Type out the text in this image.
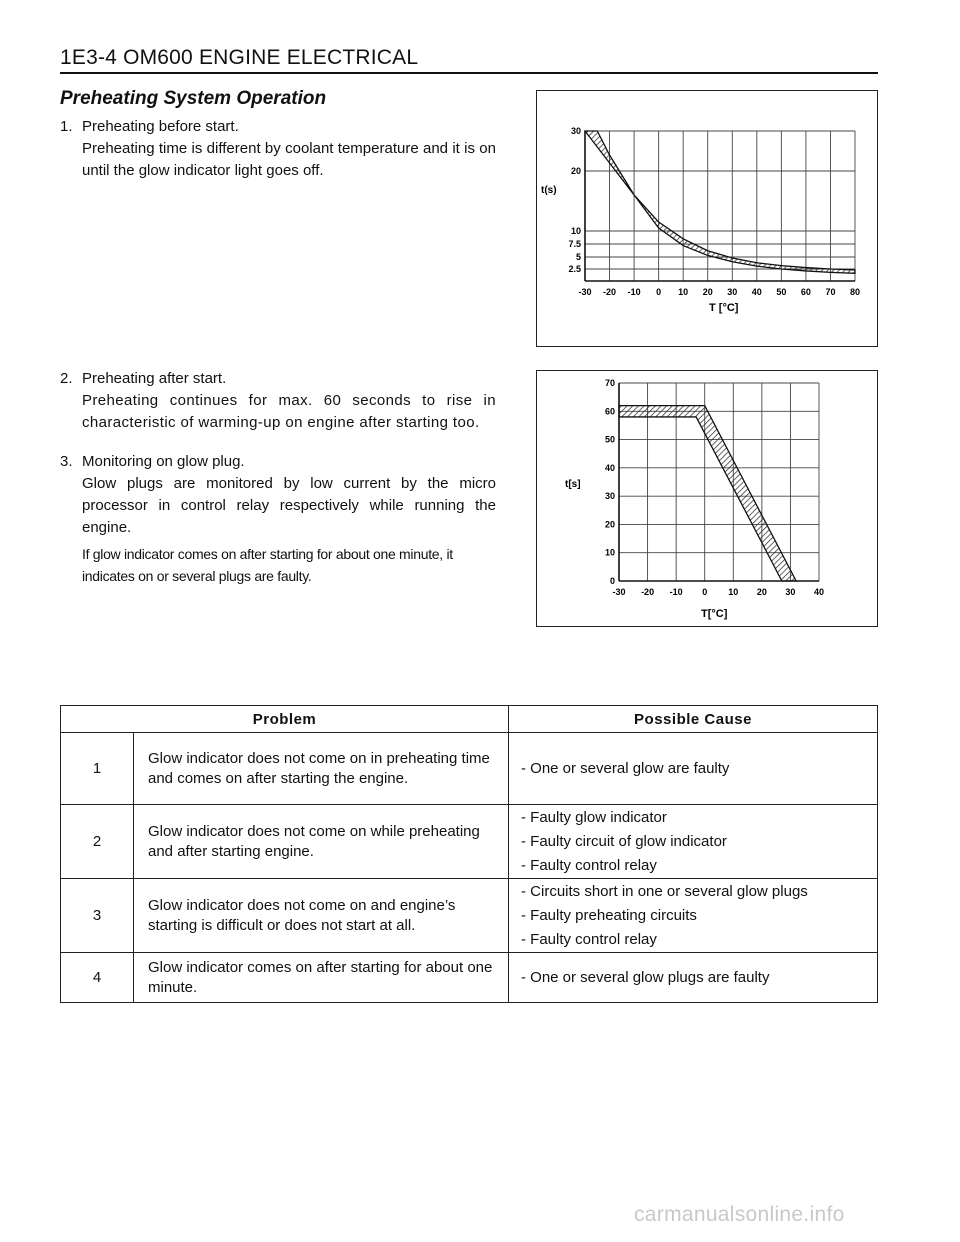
1E3-4 OM600 ENGINE ELECTRICAL
Preheating System Operation
1. Preheating before start.
Preheating time is different by coolant temperature and it is on until the glow indicator light goes off.
2. Preheating after start.
Preheating continues for max. 60 seconds to rise in characteristic of warming-up on engine after starting too.
3. Monitoring on glow plug.
Glow plugs are monitored by low current by the micro processor in control relay respectively while running the engine.
If glow indicator comes on after starting for about one minute, it indicates on or several plugs are faulty.
-30 -20 -10 0 10 20 30 40 50 60 70 80
2.5
5
7.5
10
20
30
t(s)
T [°C]
-30 -20 -10 0 10 20 30 40
0
10
20
30
40
50
60
70
t[s]
T[°C]
Problem		Possible Cause
1	Glow indicator does not come on in preheating time and comes on after starting the engine.	- One or several glow are faulty

2	Glow indicator does not come on while preheating and after starting engine.	- Faulty glow indicator
- Faulty circuit of glow indicator
- Faulty control relay

3	Glow indicator does not come on and engine’s starting is difficult or does not start at all.	- Circuits short in one or several glow plugs
- Faulty preheating circuits
- Faulty control relay

4	Glow indicator comes on after starting for about one minute.	- One or several glow plugs are faulty
carmanualsonline.info
